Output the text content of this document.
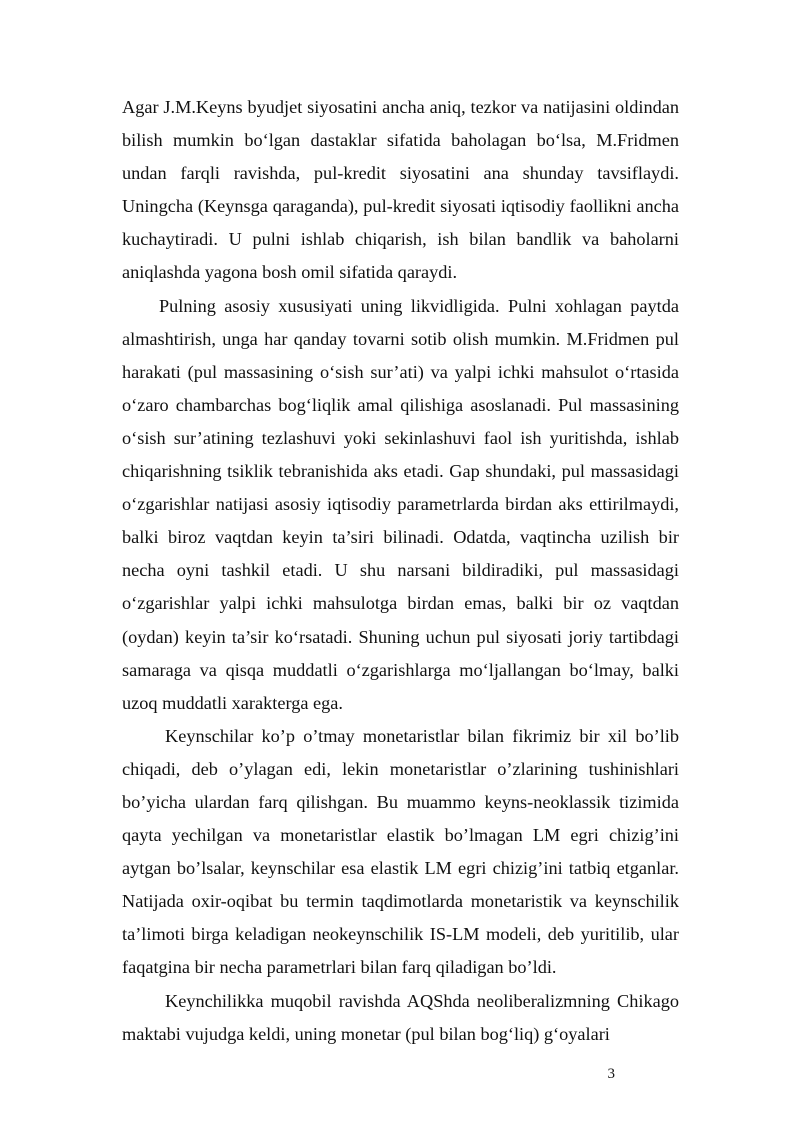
Agar J.M.Keyns byudjet siyosatini ancha aniq, tezkor va natijasini oldindan bilish mumkin bo‘lgan dastaklar sifatida baholagan bo‘lsa, M.Fridmen undan farqli ravishda, pul-kredit siyosatini ana shunday tavsiflaydi. Uningcha (Keynsga qaraganda), pul-kredit siyosati iqtisodiy faollikni ancha kuchaytiradi. U pulni ishlab chiqarish, ish bilan bandlik va baholarni aniqlashda yagona bosh omil sifatida qaraydi.

Pulning asosiy xususiyati uning likvidligida. Pulni xohlagan paytda almashtirish, unga har qanday tovarni sotib olish mumkin. M.Fridmen pul harakati (pul massasining o‘sish sur’ati) va yalpi ichki mahsulot o‘rtasida o‘zaro chambarchas bog‘liqlik amal qilishiga asoslanadi. Pul massasining o‘sish sur’atining tezlashuvi yoki sekinlashuvi faol ish yuritishda, ishlab chiqarishning tsiklik tebranishida aks etadi. Gap shundaki, pul massasidagi o‘zgarishlar natijasi asosiy iqtisodiy parametrlarda birdan aks ettirilmaydi, balki biroz vaqtdan keyin ta’siri bilinadi. Odatda, vaqtincha uzilish bir necha oyni tashkil etadi. U shu narsani bildiradiki, pul massasidagi o‘zgarishlar yalpi ichki mahsulotga birdan emas, balki bir oz vaqtdan (oydan) keyin ta’sir ko‘rsatadi. Shuning uchun pul siyosati joriy tartibdagi samaraga va qisqa muddatli o‘zgarishlarga mo‘ljallangan bo‘lmay, balki uzoq muddatli xarakterga ega.

Keynschilar ko’p o’tmay monetaristlar bilan fikrimiz bir xil bo’lib chiqadi, deb o’ylagan edi, lekin monetaristlar o’zlarining tushinishlari bo’yicha ulardan farq qilishgan. Bu muammo keyns-neoklassik tizimida qayta yechilgan va monetaristlar elastik bo’lmagan LM egri chizig’ini aytgan bo’lsalar, keynschilar esa elastik LM egri chizig’ini tatbiq etganlar. Natijada oxir-oqibat bu termin taqdimotlarda monetaristik va keynschilik ta’limoti birga keladigan neokeynschilik IS-LM modeli, deb yuritilib, ular faqatgina bir necha parametrlari bilan farq qiladigan bo’ldi.

Keynchilikka muqobil ravishda AQShda neoliberalizmning Chikago maktabi vujudga keldi, uning monetar (pul bilan bog‘liq) g‘oyalari

3
